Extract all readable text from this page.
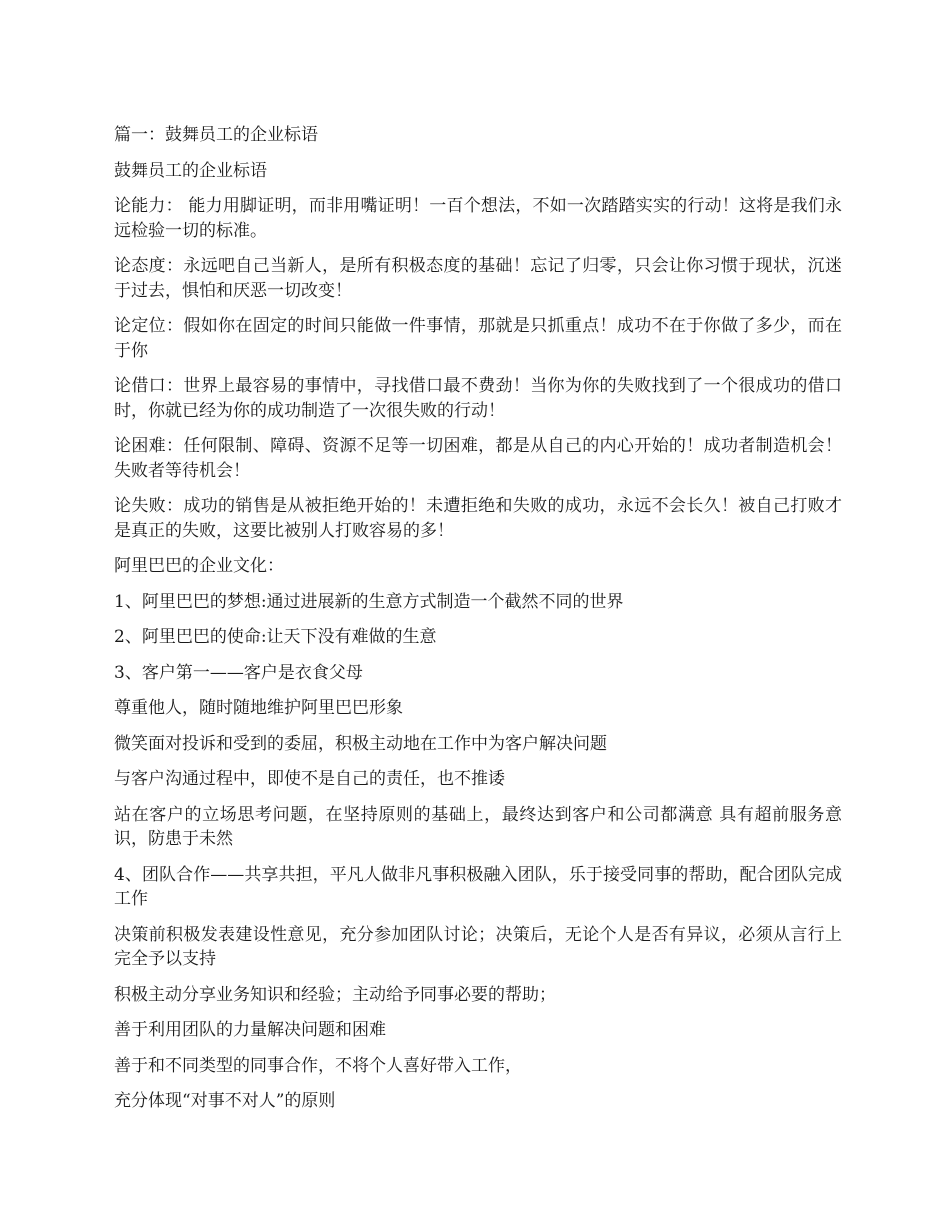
篇一：鼓舞员工的企业标语

鼓舞员工的企业标语

论能力： 能力用脚证明，而非用嘴证明！一百个想法，不如一次踏踏实实的行动！这将是我们永远检验一切的标准。

论态度：永远吧自己当新人，是所有积极态度的基础！忘记了归零，只会让你习惯于现状，沉迷于过去，惧怕和厌恶一切改变！

论定位：假如你在固定的时间只能做一件事情，那就是只抓重点！成功不在于你做了多少，而在于你

论借口：世界上最容易的事情中，寻找借口最不费劲！当你为你的失败找到了一个很成功的借口时，你就已经为你的成功制造了一次很失败的行动！

论困难：任何限制、障碍、资源不足等一切困难，都是从自己的内心开始的！成功者制造机会！失败者等待机会！

论失败：成功的销售是从被拒绝开始的！未遭拒绝和失败的成功，永远不会长久！被自己打败才是真正的失败，这要比被别人打败容易的多！

阿里巴巴的企业文化：

1、阿里巴巴的梦想:通过进展新的生意方式制造一个截然不同的世界

2、阿里巴巴的使命:让天下没有难做的生意

3、客户第一——客户是衣食父母

尊重他人，随时随地维护阿里巴巴形象

微笑面对投诉和受到的委屈，积极主动地在工作中为客户解决问题

与客户沟通过程中，即使不是自己的责任，也不推诿

站在客户的立场思考问题，在坚持原则的基础上，最终达到客户和公司都满意 具有超前服务意识，防患于未然

4、团队合作——共享共担，平凡人做非凡事积极融入团队，乐于接受同事的帮助，配合团队完成工作

决策前积极发表建设性意见，充分参加团队讨论；决策后，无论个人是否有异议，必须从言行上完全予以支持

积极主动分享业务知识和经验；主动给予同事必要的帮助；

善于利用团队的力量解决问题和困难

善于和不同类型的同事合作，不将个人喜好带入工作，

充分体现“对事不对人”的原则
